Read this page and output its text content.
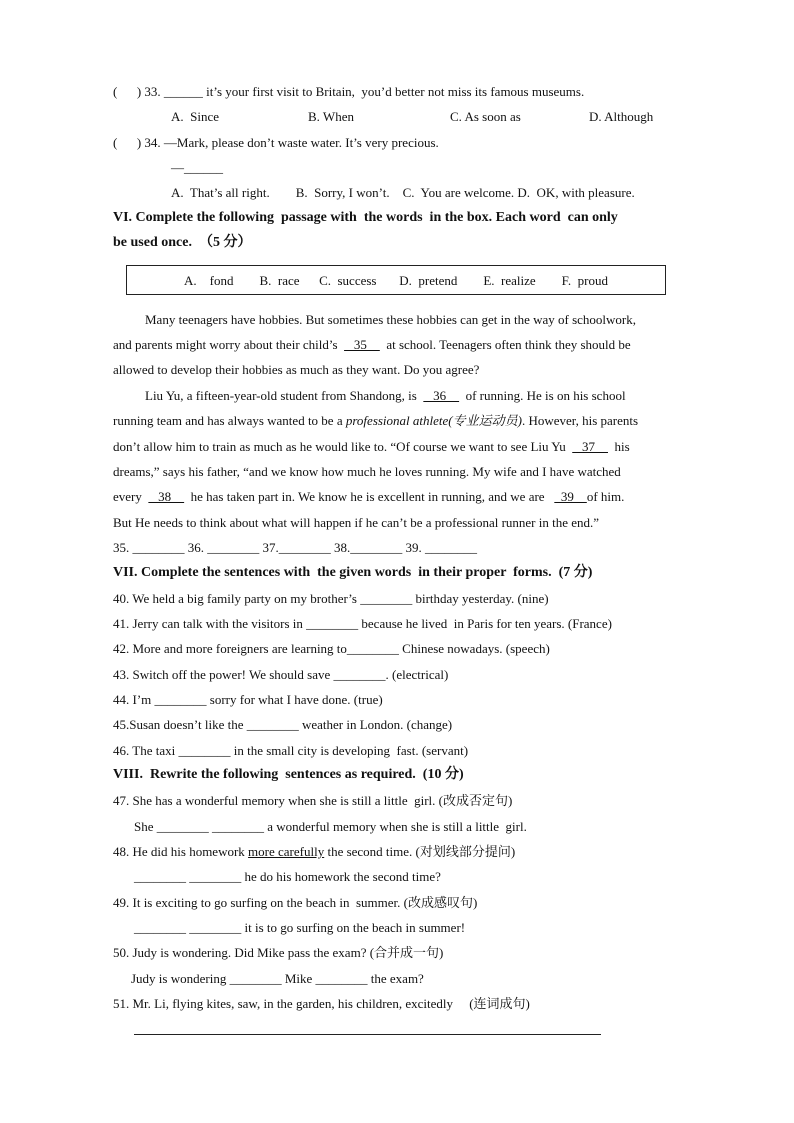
(      ) 33. ______ it’s your first visit to Britain,  you’d better not miss its famous museums.
A.  Since	B. When	C. As soon as	D. Although
(      ) 34. —Mark, please don’t waste water. It’s very precious.
—______
A.  That’s all right.        B.  Sorry, I won’t.    C.  You are welcome. D.  OK, with pleasure.
VI. Complete the following  passage with  the words  in the box. Each word  can only
be used once.  （5 分）
A.    fond        B.  race      C.  success       D.  pretend        E.  realize        F.  proud
Many teenagers have hobbies. But sometimes these hobbies can get in the way of schoolwork,
and parents might worry about their child’s     35      at school. Teenagers often think they should be
allowed to develop their hobbies as much as they want. Do you agree?
Liu Yu, a fifteen-year-old student from Shandong, is     36      of running. He is on his school
running team and has always wanted to be a professional athlete(专业运动员). However, his parents
don’t allow him to train as much as he would like to. “Of course we want to see Liu Yu     37      his
dreams,” says his father, “and we know how much he loves running. My wife and I have watched
every     38      he has taken part in. We know he is excellent in running, and we are     39    of him.
But He needs to think about what will happen if he can’t be a professional runner in the end.”
35. ________ 36. ________ 37.________ 38.________ 39. ________
VII. Complete the sentences with  the given words  in their proper  forms.  (7 分)
40. We held a big family party on my brother’s ________ birthday yesterday. (nine)
41. Jerry can talk with the visitors in ________ because he lived  in Paris for ten years. (France)
42. More and more foreigners are learning to________ Chinese nowadays. (speech)
43. Switch off the power! We should save ________. (electrical)
44. I’m ________ sorry for what I have done. (true)
45.Susan doesn’t like the ________ weather in London. (change)
46. The taxi ________ in the small city is developing  fast. (servant)
VIII.  Rewrite the following  sentences as required.  (10 分)
47. She has a wonderful memory when she is still a little  girl. (改成否定句)
She ________ ________ a wonderful memory when she is still a little  girl.
48. He did his homework more carefully the second time. (对划线部分提问)
________ ________ he do his homework the second time?
49. It is exciting to go surfing on the beach in  summer. (改成感叹句)
________ ________ it is to go surfing on the beach in summer!
50. Judy is wondering. Did Mike pass the exam? (合并成一句)
Judy is wondering ________ Mike ________ the exam?
51. Mr. Li, flying kites, saw, in the garden, his children, excitedly     (连词成句)
